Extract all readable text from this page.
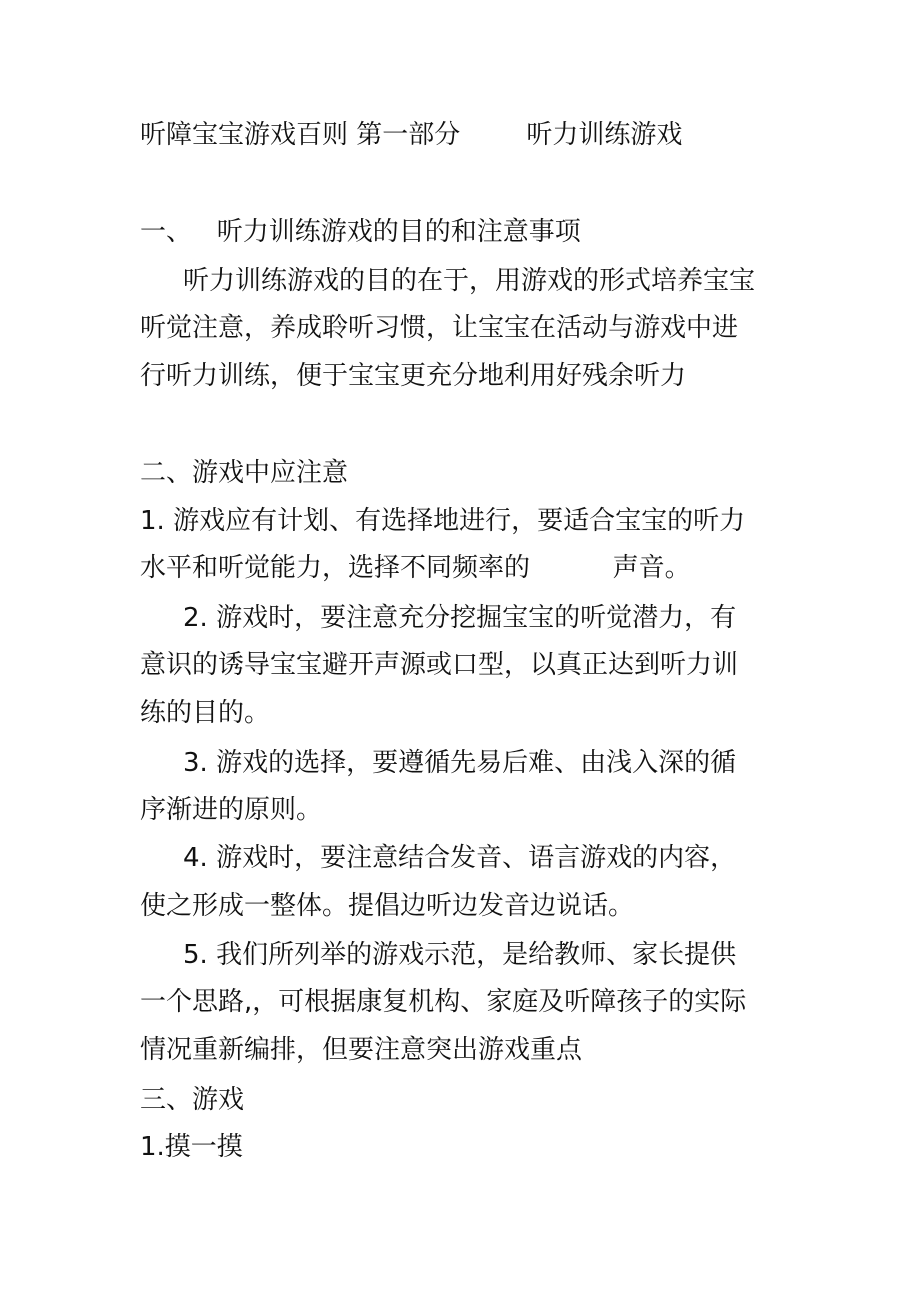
听障宝宝游戏百则 第一部分        听力训练游戏
一、   听力训练游戏的目的和注意事项
听力训练游戏的目的在于，用游戏的形式培养宝宝
听觉注意，养成聆听习惯，让宝宝在活动与游戏中进
行听力训练，便于宝宝更充分地利用好残余听力
二、游戏中应注意
1. 游戏应有计划、有选择地进行，要适合宝宝的听力
水平和听觉能力，选择不同频率的          声音。
2. 游戏时，要注意充分挖掘宝宝的听觉潜力，有
意识的诱导宝宝避开声源或口型，以真正达到听力训
练的目的。
3. 游戏的选择，要遵循先易后难、由浅入深的循
序渐进的原则。
4. 游戏时，要注意结合发音、语言游戏的内容，
使之形成一整体。提倡边听边发音边说话。
5. 我们所列举的游戏示范，是给教师、家长提供
一个思路,，可根据康复机构、家庭及听障孩子的实际
情况重新编排，但要注意突出游戏重点
三、游戏
1.摸一摸
